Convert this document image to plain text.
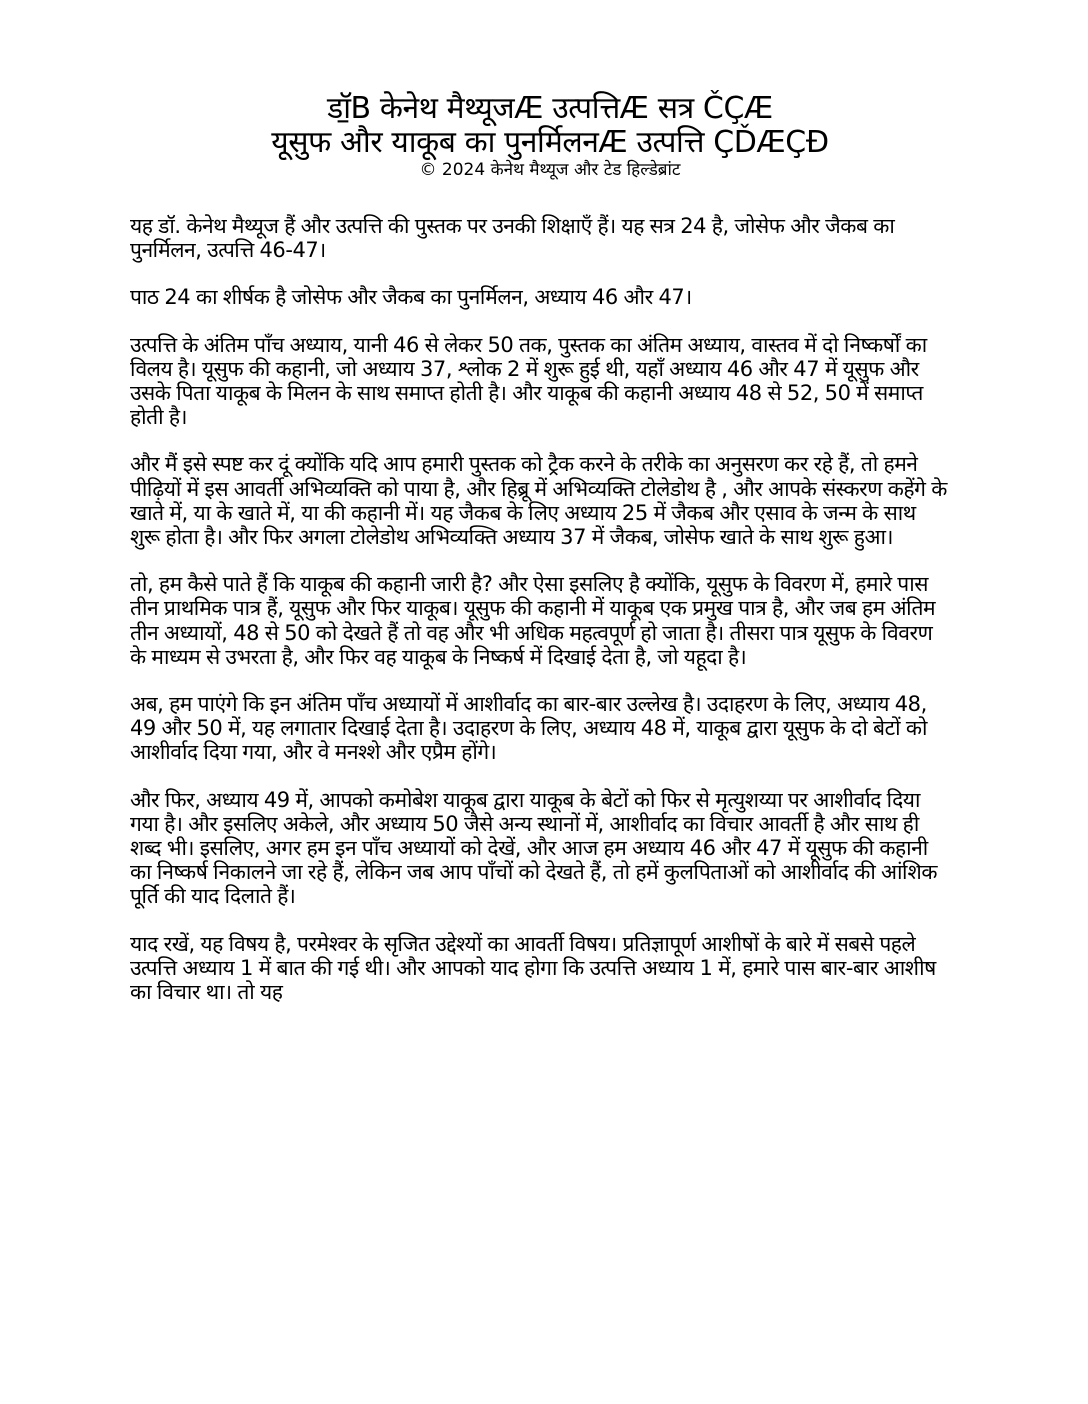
डॉ॒B केनेथ मैथ्यूजÆ उत्पत्तिÆ सत्र ČÇÆ
यूसुफ और याकूब का पुनर्मिलनÆ उत्पत्ति ÇĎÆÇĐ
© 2024 केनेथ मैथ्यूज और टेड हिल्डेब्रांट

यह डॉ. केनेथ मैथ्यूज हैं और उत्पत्ति की पुस्तक पर उनकी शिक्षाएँ हैं। यह सत्र 24 है, जोसेफ और जैकब का पुनर्मिलन, उत्पत्ति 46-47।

पाठ 24 का शीर्षक है जोसेफ और जैकब का पुनर्मिलन, अध्याय 46 और 47।

उत्पत्ति के अंतिम पाँच अध्याय, यानी 46 से लेकर 50 तक, पुस्तक का अंतिम अध्याय, वास्तव में दो निष्कर्षों का विलय है। यूसुफ की कहानी, जो अध्याय 37, श्लोक 2 में शुरू हुई थी, यहाँ अध्याय 46 और 47 में यूसुफ और उसके पिता याकूब के मिलन के साथ समाप्त होती है। और याकूब की कहानी अध्याय 48 से 52, 50 में समाप्त होती है।

और मैं इसे स्पष्ट कर दूं क्योंकि यदि आप हमारी पुस्तक को ट्रैक करने के तरीके का अनुसरण कर रहे हैं, तो हमने पीढ़ियों में इस आवर्ती अभिव्यक्ति को पाया है, और हिब्रू में अभिव्यक्ति टोलेडोथ है , और आपके संस्करण कहेंगे के खाते में, या के खाते में, या की कहानी में। यह जैकब के लिए अध्याय 25 में जैकब और एसाव के जन्म के साथ शुरू होता है। और फिर अगला टोलेडोथ अभिव्यक्ति अध्याय 37 में जैकब, जोसेफ खाते के साथ शुरू हुआ।

तो, हम कैसे पाते हैं कि याकूब की कहानी जारी है? और ऐसा इसलिए है क्योंकि, यूसुफ के विवरण में, हमारे पास तीन प्राथमिक पात्र हैं, यूसुफ और फिर याकूब। यूसुफ की कहानी में याकूब एक प्रमुख पात्र है, और जब हम अंतिम तीन अध्यायों, 48 से 50 को देखते हैं तो वह और भी अधिक महत्वपूर्ण हो जाता है। तीसरा पात्र यूसुफ के विवरण के माध्यम से उभरता है, और फिर वह याकूब के निष्कर्ष में दिखाई देता है, जो यहूदा है।

अब, हम पाएंगे कि इन अंतिम पाँच अध्यायों में आशीर्वाद का बार-बार उल्लेख है। उदाहरण के लिए, अध्याय 48, 49 और 50 में, यह लगातार दिखाई देता है। उदाहरण के लिए, अध्याय 48 में, याकूब द्वारा यूसुफ के दो बेटों को आशीर्वाद दिया गया, और वे मनश्शे और एप्रैम होंगे।

और फिर, अध्याय 49 में, आपको कमोबेश याकूब द्वारा याकूब के बेटों को फिर से मृत्युशय्या पर आशीर्वाद दिया गया है। और इसलिए अकेले, और अध्याय 50 जैसे अन्य स्थानों में, आशीर्वाद का विचार आवर्ती है और साथ ही शब्द भी। इसलिए, अगर हम इन पाँच अध्यायों को देखें, और आज हम अध्याय 46 और 47 में यूसुफ की कहानी का निष्कर्ष निकालने जा रहे हैं, लेकिन जब आप पाँचों को देखते हैं, तो हमें कुलपिताओं को आशीर्वाद की आंशिक पूर्ति की याद दिलाते हैं।

याद रखें, यह विषय है, परमेश्वर के सृजित उद्देश्यों का आवर्ती विषय। प्रतिज्ञापूर्ण आशीषों के बारे में सबसे पहले उत्पत्ति अध्याय 1 में बात की गई थी। और आपको याद होगा कि उत्पत्ति अध्याय 1 में, हमारे पास बार-बार आशीष का विचार था। तो यह
